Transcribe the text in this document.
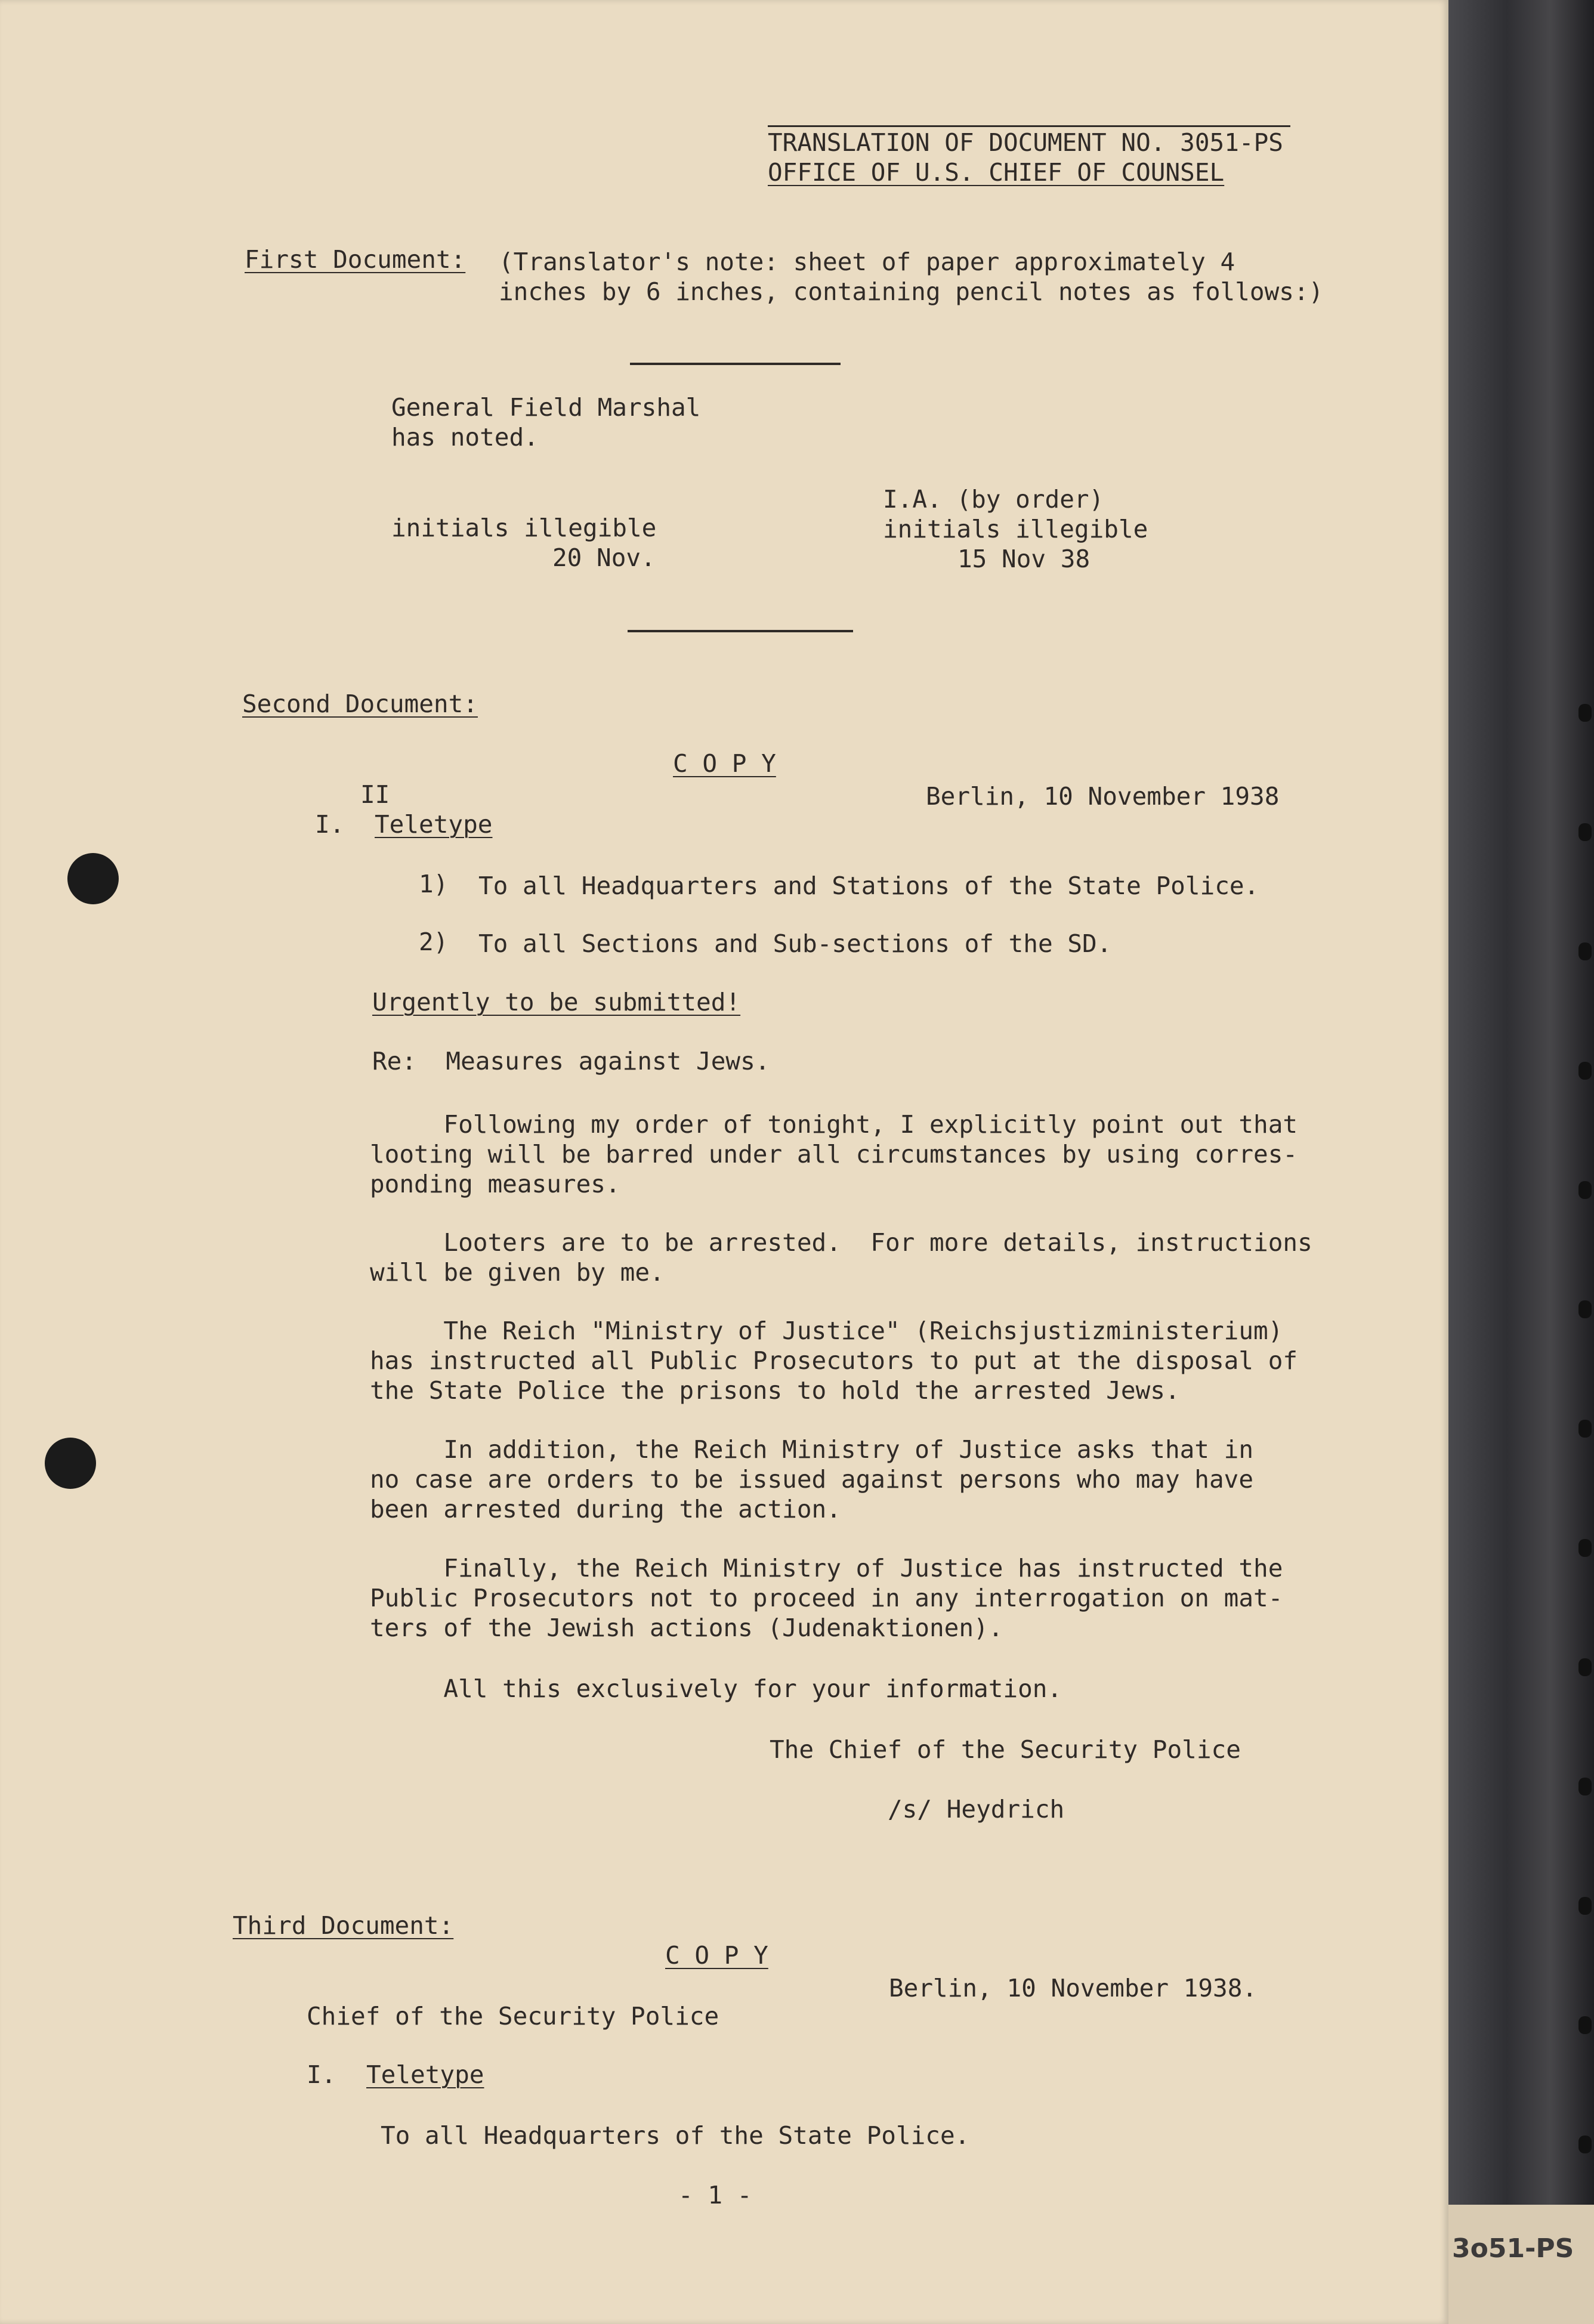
TRANSLATION OF DOCUMENT NO. 3051-PS
OFFICE OF U.S. CHIEF OF COUNSEL
First Document: (Translator's note: sheet of paper approximately 4
inches by 6 inches, containing pencil notes as follows:)
General Field Marshal
has noted.
initials illegible
20 Nov.
I.A. (by order)
initials illegible
15 Nov 38
Second Document:
C O P Y
II	Berlin, 10 November 1938
I. Teletype
1) To all Headquarters and Stations of the State Police.
2) To all Sections and Sub-sections of the SD.
Urgently to be submitted!
Re:  Measures against Jews.
Following my order of tonight, I explicitly point out that
looting will be barred under all circumstances by using corres-
ponding measures.
Looters are to be arrested.  For more details, instructions
will be given by me.
The Reich "Ministry of Justice" (Reichsjustizministerium)
has instructed all Public Prosecutors to put at the disposal of
the State Police the prisons to hold the arrested Jews.
In addition, the Reich Ministry of Justice asks that in
no case are orders to be issued against persons who may have
been arrested during the action.
Finally, the Reich Ministry of Justice has instructed the
Public Prosecutors not to proceed in any interrogation on mat-
ters of the Jewish actions (Judenaktionen).
All this exclusively for your information.
The Chief of the Security Police
/s/ Heydrich
Third Document:
C O P Y
Berlin, 10 November 1938.
Chief of the Security Police
I. Teletype
To all Headquarters of the State Police.
- 1 -
3o51-PS
